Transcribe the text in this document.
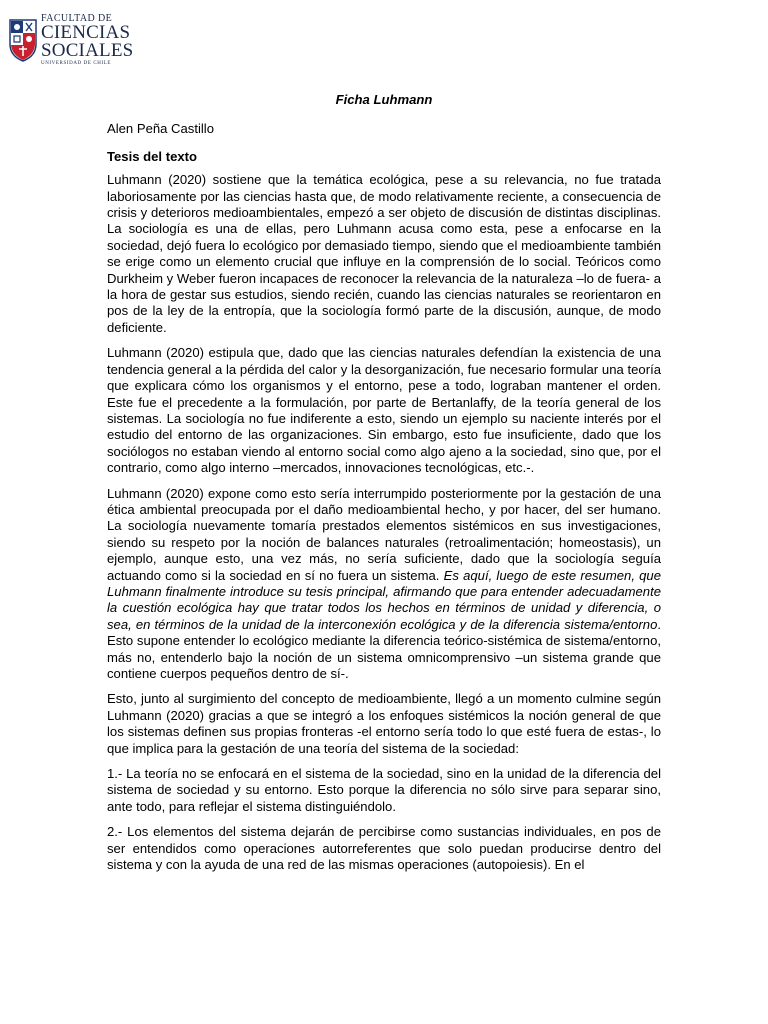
FACULTAD DE
CIENCIAS
SOCIALES
UNIVERSIDAD DE CHILE
Ficha Luhmann
Alen Peña Castillo
Tesis del texto

Luhmann (2020) sostiene que la temática ecológica, pese a su relevancia, no fue tratada laboriosamente por las ciencias hasta que, de modo relativamente reciente, a consecuencia de crisis y deterioros medioambientales, empezó a ser objeto de discusión de distintas disciplinas. La sociología es una de ellas, pero Luhmann acusa como esta, pese a enfocarse en la sociedad, dejó fuera lo ecológico por demasiado tiempo, siendo que el medioambiente también se erige como un elemento crucial que influye en la comprensión de lo social. Teóricos como Durkheim y Weber fueron incapaces de reconocer la relevancia de la naturaleza –lo de fuera- a la hora de gestar sus estudios, siendo recién, cuando las ciencias naturales se reorientaron en pos de la ley de la entropía, que la sociología formó parte de la discusión, aunque, de modo deficiente.

Luhmann (2020) estipula que, dado que las ciencias naturales defendían la existencia de una tendencia general a la pérdida del calor y la desorganización, fue necesario formular una teoría que explicara cómo los organismos y el entorno, pese a todo, lograban mantener el orden. Este fue el precedente a la formulación, por parte de Bertanlaffy, de la teoría general de los sistemas. La sociología no fue indiferente a esto, siendo un ejemplo su naciente interés por el estudio del entorno de las organizaciones. Sin embargo, esto fue insuficiente, dado que los sociólogos no estaban viendo al entorno social como algo ajeno a la sociedad, sino que, por el contrario, como algo interno –mercados, innovaciones tecnológicas, etc.-.

Luhmann (2020) expone como esto sería interrumpido posteriormente por la gestación de una ética ambiental preocupada por el daño medioambiental hecho, y por hacer, del ser humano. La sociología nuevamente tomaría prestados elementos sistémicos en sus investigaciones, siendo su respeto por la noción de balances naturales (retroalimentación; homeostasis), un ejemplo, aunque esto, una vez más, no sería suficiente, dado que la sociología seguía actuando como si la sociedad en sí no fuera un sistema. Es aquí, luego de este resumen, que Luhmann finalmente introduce su tesis principal, afirmando que para entender adecuadamente la cuestión ecológica hay que tratar todos los hechos en términos de unidad y diferencia, o sea, en términos de la unidad de la interconexión ecológica y de la diferencia sistema/entorno. Esto supone entender lo ecológico mediante la diferencia teórico-sistémica de sistema/entorno, más no, entenderlo bajo la noción de un sistema omnicomprensivo –un sistema grande que contiene cuerpos pequeños dentro de sí-.

Esto, junto al surgimiento del concepto de medioambiente, llegó a un momento culmine según Luhmann (2020) gracias a que se integró a los enfoques sistémicos la noción general de que los sistemas definen sus propias fronteras -el entorno sería todo lo que esté fuera de estas-, lo que implica para la gestación de una teoría del sistema de la sociedad:

1.- La teoría no se enfocará en el sistema de la sociedad, sino en la unidad de la diferencia del sistema de sociedad y su entorno. Esto porque la diferencia no sólo sirve para separar sino, ante todo, para reflejar el sistema distinguiéndolo.

2.- Los elementos del sistema dejarán de percibirse como sustancias individuales, en pos de ser entendidos como operaciones autorreferentes que solo puedan producirse dentro del sistema y con la ayuda de una red de las mismas operaciones (autopoiesis). En el
